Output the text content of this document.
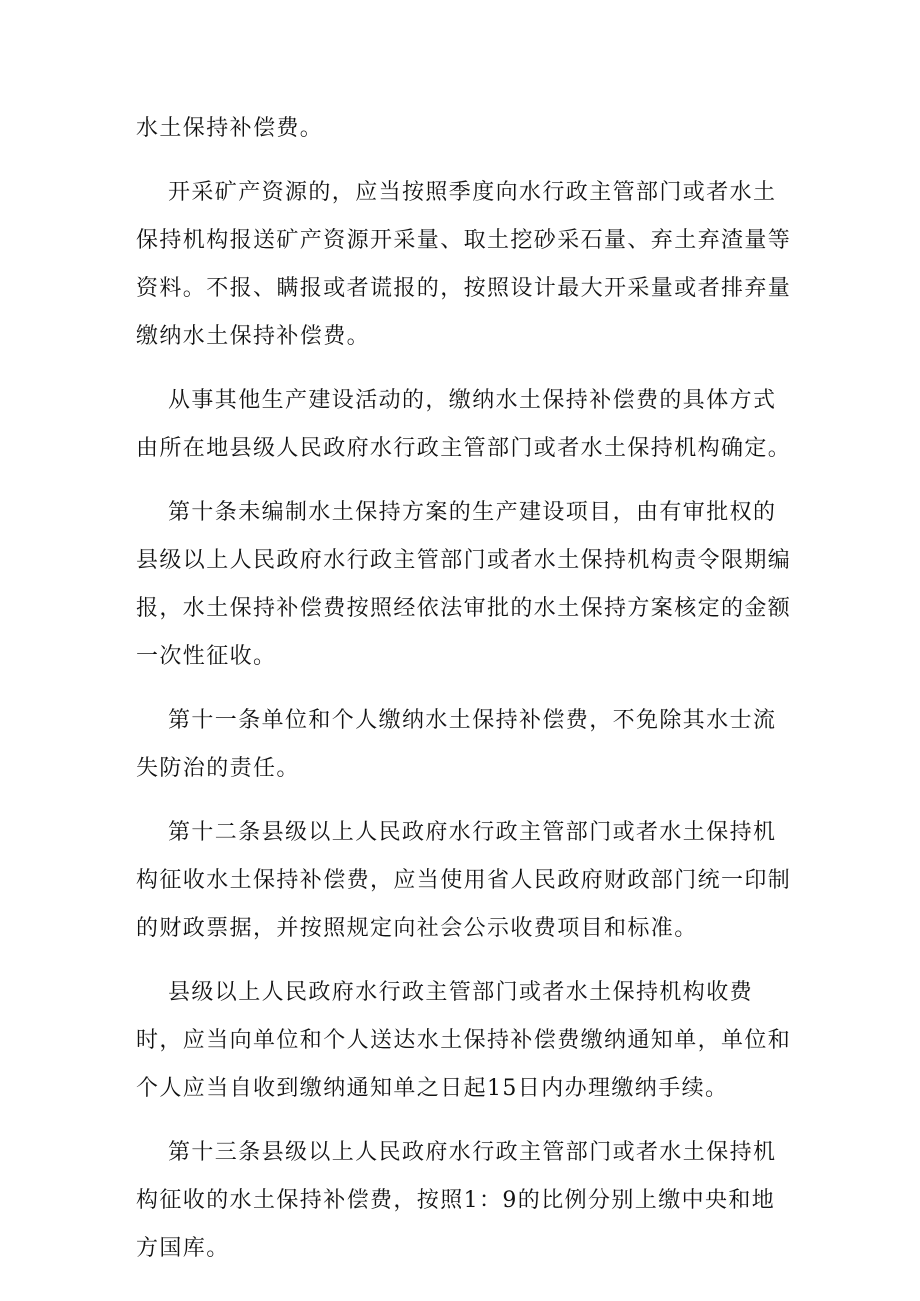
水土保持补偿费。

开采矿产资源的，应当按照季度向水行政主管部门或者水土保持机构报送矿产资源开采量、取土挖砂采石量、弃土弃渣量等资料。不报、瞒报或者谎报的，按照设计最大开采量或者排弃量缴纳水土保持补偿费。

从事其他生产建设活动的，缴纳水土保持补偿费的具体方式由所在地县级人民政府水行政主管部门或者水土保持机构确定。

第十条未编制水土保持方案的生产建设项目，由有审批权的县级以上人民政府水行政主管部门或者水土保持机构责令限期编报，水土保持补偿费按照经依法审批的水土保持方案核定的金额一次性征收。

第十一条单位和个人缴纳水土保持补偿费，不免除其水士流失防治的责任。

第十二条县级以上人民政府水行政主管部门或者水土保持机构征收水土保持补偿费，应当使用省人民政府财政部门统一印制的财政票据，并按照规定向社会公示收费项目和标准。

县级以上人民政府水行政主管部门或者水土保持机构收费时，应当向单位和个人送达水土保持补偿费缴纳通知单，单位和个人应当自收到缴纳通知单之日起15日内办理缴纳手续。

第十三条县级以上人民政府水行政主管部门或者水土保持机构征收的水土保持补偿费，按照1：9的比例分别上缴中央和地方国库。
